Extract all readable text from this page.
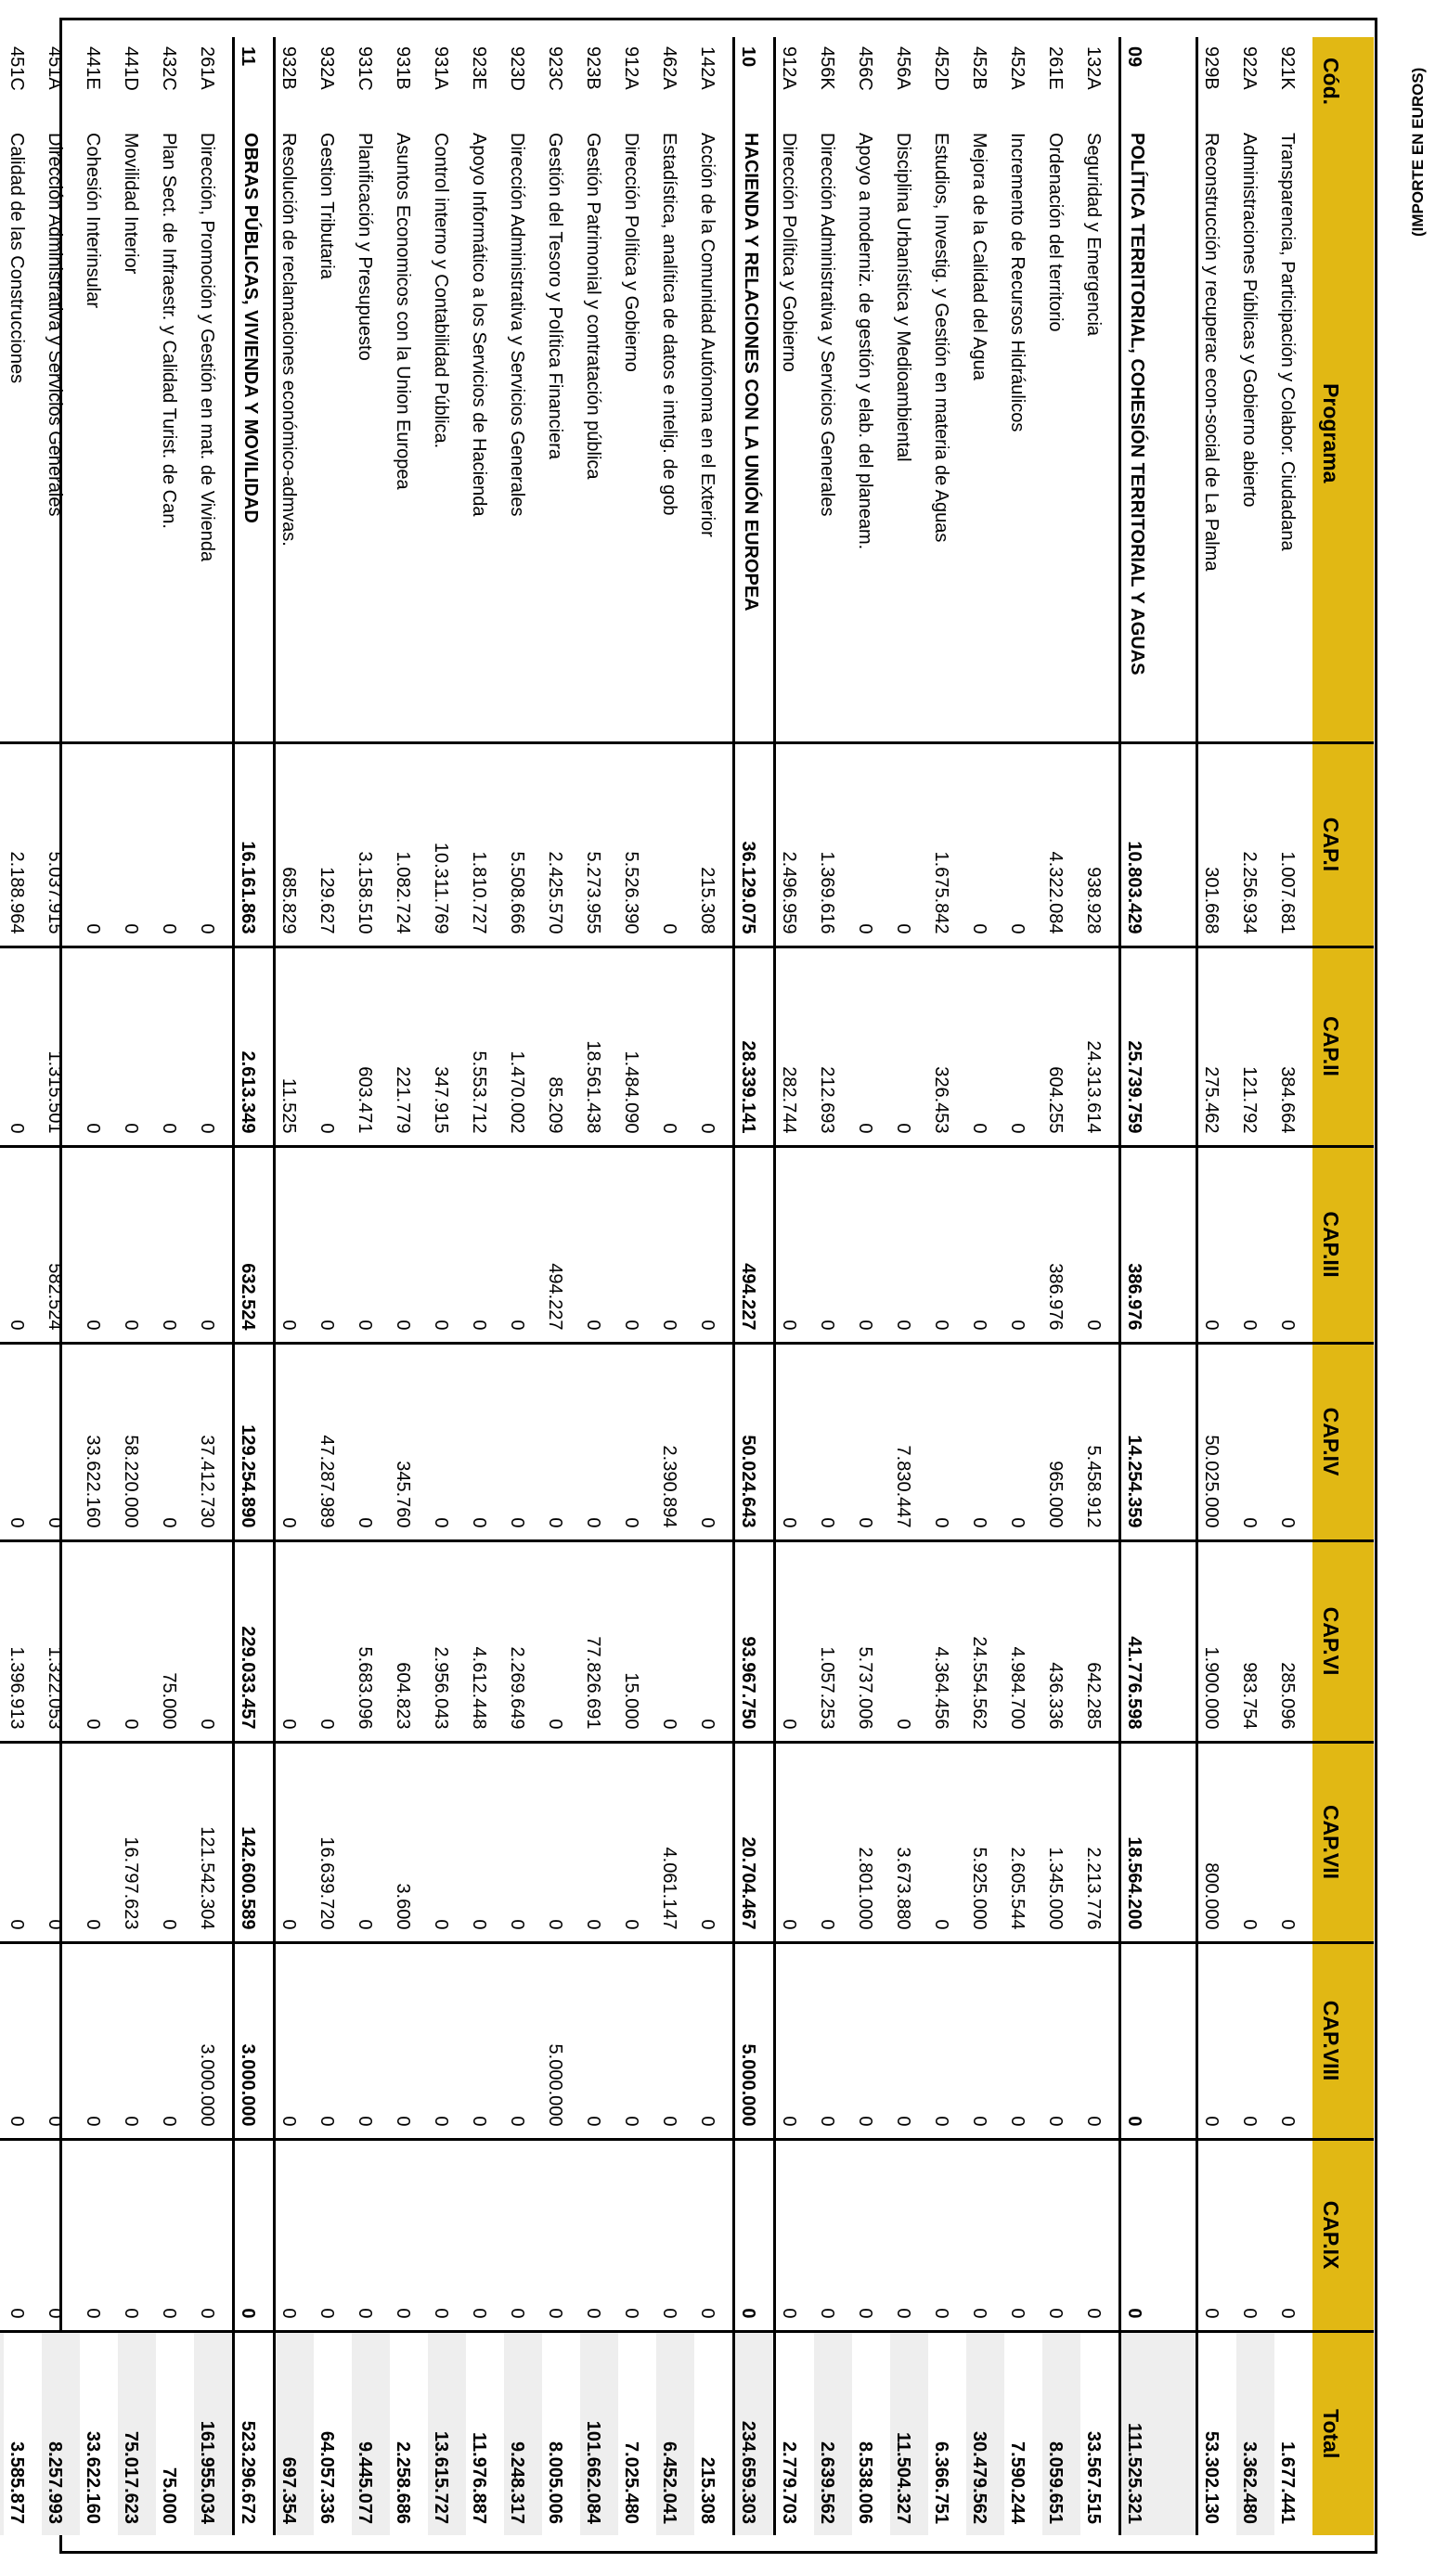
(IMPORTE EN EUROS)
Cód.	Programa	CAP.I	CAP.II	CAP.III	CAP.IV	CAP.VI	CAP.VII	CAP.VIII	CAP.IX	Total
921K	Transparencia, Participación y Colabor. Ciudadana	1.007.681	384.664	0	0	285.096	0	0	0	1.677.441
922A	Administraciones Públicas y Gobierno abierto	2.256.934	121.792	0	0	983.754	0	0	0	3.362.480
929B	Reconstrucción y recuperac econ-social de La Palma	301.668	275.462	0	50.025.000	1.900.000	800.000	0	0	53.302.130
09	POLÍTICA TERRITORIAL, COHESIÓN TERRITORIAL Y AGUAS	10.803.429	25.739.759	386.976	14.254.359	41.776.598	18.564.200	0	0	111.525.321
132A	Seguridad y Emergencia	938.928	24.313.614	0	5.458.912	642.285	2.213.776	0	0	33.567.515
261E	Ordenación del territorio	4.322.084	604.255	386.976	965.000	436.336	1.345.000	0	0	8.059.651
452A	Incremento de Recursos Hidráulicos	0	0	0	0	4.984.700	2.605.544	0	0	7.590.244
452B	Mejora de la Calidad del Agua	0	0	0	0	24.554.562	5.925.000	0	0	30.479.562
452D	Estudios, Investig. y Gestión en materia de Aguas	1.675.842	326.453	0	0	4.364.456	0	0	0	6.366.751
456A	Disciplina Urbanística y Medioambiental	0	0	0	7.830.447	0	3.673.880	0	0	11.504.327
456C	Apoyo a moderniz. de gestión y elab. del planeam.	0	0	0	0	5.737.006	2.801.000	0	0	8.538.006
456K	Dirección Administrativa y Servicios Generales	1.369.616	212.693	0	0	1.057.253	0	0	0	2.639.562
912A	Dirección Política y Gobierno	2.496.959	282.744	0	0	0	0	0	0	2.779.703
10	HACIENDA Y RELACIONES CON LA UNIÓN EUROPEA	36.129.075	28.339.141	494.227	50.024.643	93.967.750	20.704.467	5.000.000	0	234.659.303
142A	Acción de la Comunidad Autónoma en el Exterior	215.308	0	0	0	0	0	0	0	215.308
462A	Estadística, analítica de datos e intelig. de gob	0	0	0	2.390.894	0	4.061.147	0	0	6.452.041
912A	Dirección Política y Gobierno	5.526.390	1.484.090	0	0	15.000	0	0	0	7.025.480
923B	Gestión Patrimonial y contratación pública	5.273.955	18.561.438	0	0	77.826.691	0	0	0	101.662.084
923C	Gestión del Tesoro y Política Financiera	2.425.570	85.209	494.227	0	0	0	5.000.000	0	8.005.006
923D	Dirección Administrativa y Servicios Generales	5.508.666	1.470.002	0	0	2.269.649	0	0	0	9.248.317
923E	Apoyo Informático a los Servicios de Hacienda	1.810.727	5.553.712	0	0	4.612.448	0	0	0	11.976.887
931A	Control interno y Contabilidad Pública.	10.311.769	347.915	0	0	2.956.043	0	0	0	13.615.727
931B	Asuntos Economicos con la Union Europea	1.082.724	221.779	0	345.760	604.823	3.600	0	0	2.258.686
931C	Planificación y Presupuesto	3.158.510	603.471	0	0	5.683.096	0	0	0	9.445.077
932A	Gestion Tributaria	129.627	0	0	47.287.989	0	16.639.720	0	0	64.057.336
932B	Resolución de reclamaciones económico-admvas.	685.829	11.525	0	0	0	0	0	0	697.354
11	OBRAS PÚBLICAS, VIVIENDA Y MOVILIDAD	16.161.863	2.613.349	632.524	129.254.890	229.033.457	142.600.589	3.000.000	0	523.296.672
261A	Dirección, Promoción y Gestión en mat. de Vivienda	0	0	0	37.412.730	0	121.542.304	3.000.000	0	161.955.034
432C	Plan Sect. de Infraestr. y Calidad Turist. de Can.	0	0	0	0	75.000	0	0	0	75.000
441D	Movilidad Interior	0	0	0	58.220.000	0	16.797.623	0	0	75.017.623
441E	Cohesión Interinsular	0	0	0	33.622.160	0	0	0	0	33.622.160
451A	Dirección Administrativa y Servicios Generales	5.037.915	1.315.501	582.524	0	1.322.053	0	0	0	8.257.993
451C	Calidad de las Construcciones	2.188.964	0	0	0	1.396.913	0	0	0	3.585.877
